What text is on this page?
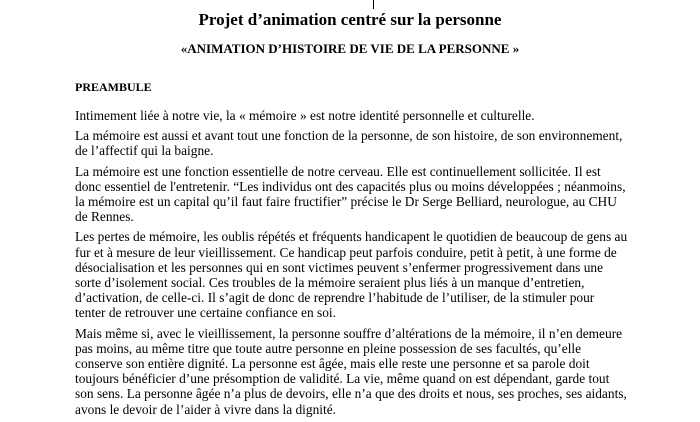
Projet d’animation centré sur la personne
«ANIMATION D’HISTOIRE DE VIE DE LA PERSONNE »
PREAMBULE
Intimement liée à notre vie, la « mémoire » est notre identité personnelle et culturelle.
La mémoire est aussi et avant tout une fonction de la personne, de son histoire, de son environnement,
de l’affectif qui la baigne.
La mémoire est une fonction essentielle de notre cerveau. Elle est continuellement sollicitée. Il est
donc essentiel de l'entretenir. “Les individus ont des capacités plus ou moins développées ; néanmoins,
la mémoire est un capital qu’il faut faire fructifier” précise le Dr Serge Belliard, neurologue, au CHU
de Rennes.
Les pertes de mémoire, les oublis répétés et fréquents handicapent le quotidien de beaucoup de gens au
fur et à mesure de leur vieillissement. Ce handicap peut parfois conduire, petit à petit, à une forme de
désocialisation et les personnes qui en sont victimes peuvent s’enfermer progressivement dans une
sorte d’isolement social. Ces troubles de la mémoire seraient plus liés à un manque d’entretien,
d’activation, de celle-ci. Il s’agit de donc de reprendre l’habitude de l’utiliser, de la stimuler pour
tenter de retrouver une certaine confiance en soi.
Mais même si, avec le vieillissement, la personne souffre d’altérations de la mémoire, il n’en demeure
pas moins, au même titre que toute autre personne en pleine possession de ses facultés, qu’elle
conserve son entière dignité. La personne est âgée, mais elle reste une personne et sa parole doit
toujours bénéficier d’une présomption de validité. La vie, même quand on est dépendant, garde tout
son sens. La personne âgée n’a plus de devoirs, elle n’a que des droits et nous, ses proches, ses aidants,
avons le devoir de l’aider à vivre dans la dignité.
